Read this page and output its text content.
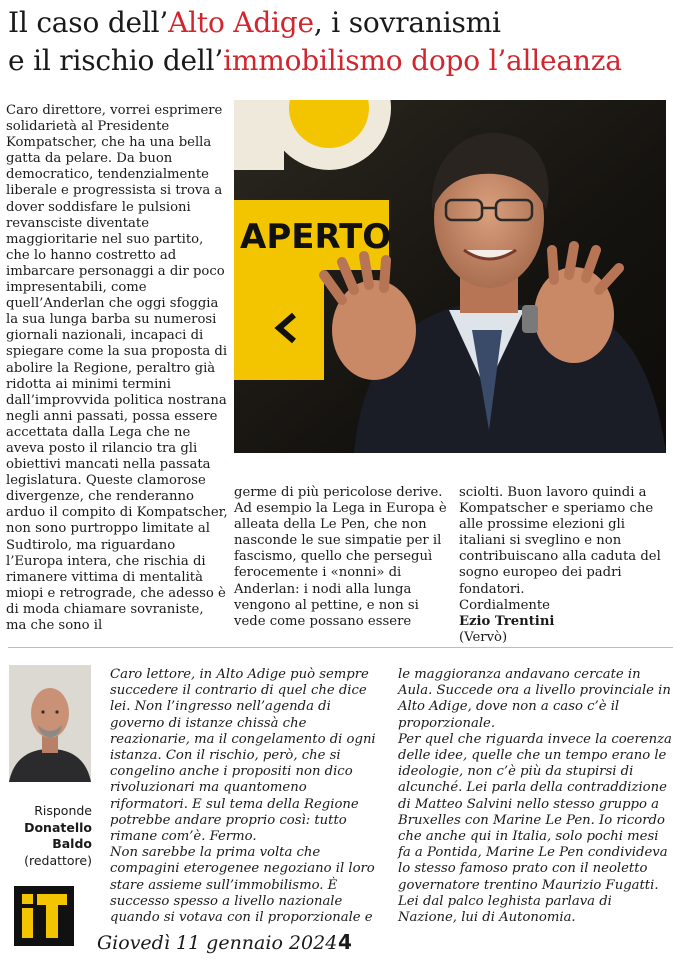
Il caso dell’Alto Adige, i sovranismi
e il rischio dell’immobilismo dopo l’alleanza
APERTO

Caro direttore, vorrei esprimere solidarietà al Presidente Kompatscher, che ha una bella gatta da pelare. Da buon democratico, tendenzialmente liberale e progressista si trova a dover soddisfare le pulsioni revansciste diventate maggioritarie nel suo partito, che lo hanno costretto ad imbarcare personaggi a dir poco impresentabili, come quell’Anderlan che oggi sfoggia la sua lunga barba su numerosi giornali nazionali, incapaci di spiegare come la sua proposta di abolire la Regione, peraltro già ridotta ai minimi termini dall’improvvida politica nostrana negli anni passati, possa essere accettata dalla Lega che ne aveva posto il rilancio tra gli obiettivi mancati nella passata legislatura. Queste clamorose divergenze, che renderanno arduo il compito di Kompatscher, non sono purtroppo limitate al Sudtirolo, ma riguardano l’Europa intera, che rischia di rimanere vittima di mentalità miopi e retrograde, che adesso è di moda chiamare sovraniste, ma che sono il

germe di più pericolose derive. Ad esempio la Lega in Europa è alleata della Le Pen, che non nasconde le sue simpatie per il fascismo, quello che perseguì ferocemente i «nonni» di Anderlan: i nodi alla lunga vengono al pettine, e non si vede come possano essere

sciolti. Buon lavoro quindi a Kompatscher e speriamo che alle prossime elezioni gli italiani si sveglino e non contribuiscano alla caduta del sogno europeo dei padri fondatori.

Cordialmente
Ezio Trentini
(Vervò)
Risponde

Donatello
Baldo
(redattore)

Caro lettore, in Alto Adige può sempre succedere il contrario di quel che dice lei. Non l’ingresso nell’agenda di governo di istanze chissà che reazionarie, ma il congelamento di ogni istanza. Con il rischio, però, che si congelino anche i propositi non dico rivoluzionari ma quantomeno riformatori. E sul tema della Regione potrebbe andare proprio così: tutto rimane com’è. Fermo.

Non sarebbe la prima volta che compagini eterogenee negoziano il loro stare assieme sull’immobilismo. È successo spesso a livello nazionale quando si votava con il proporzionale e

le maggioranza andavano cercate in Aula. Succede ora a livello provinciale in Alto Adige, dove non a caso c’è il proporzionale.

Per quel che riguarda invece la coerenza delle idee, quelle che un tempo erano le ideologie, non c’è più da stupirsi di alcunché. Lei parla della contraddizione di Matteo Salvini nello stesso gruppo a Bruxelles con Marine Le Pen. Io ricordo che anche qui in Italia, solo pochi mesi fa a Pontida, Marine Le Pen condivideva lo stesso famoso prato con il neoletto governatore trentino Maurizio Fugatti. Lei dal palco leghista parlava di Nazione, lui di Autonomia.

Giovedì 11 gennaio 2024 4
